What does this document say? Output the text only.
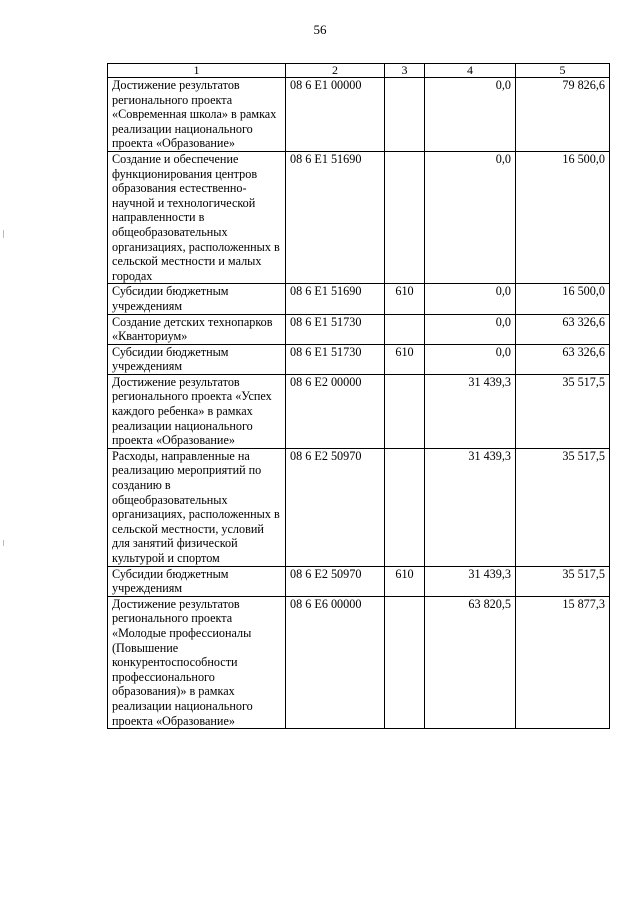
56
1	2	3	4	5
Достижение результатов регионального проекта «Современная школа» в рамках реализации национального проекта «Образование»	08 6 E1 00000		0,0	79 826,6
Создание и обеспечение функционирования центров образования естественно-научной и технологической направленности в общеобразовательных организациях, расположенных в сельской местности и малых городах	08 6 E1 51690		0,0	16 500,0
Субсидии бюджетным учреждениям	08 6 E1 51690	610	0,0	16 500,0
Создание детских технопарков «Кванториум»	08 6 E1 51730		0,0	63 326,6
Субсидии бюджетным учреждениям	08 6 E1 51730	610	0,0	63 326,6
Достижение результатов регионального проекта «Успех каждого ребенка» в рамках реализации национального проекта «Образование»	08 6 E2 00000		31 439,3	35 517,5
Расходы, направленные на реализацию мероприятий по созданию в общеобразовательных организациях, расположенных в сельской местности, условий для занятий физической культурой и спортом	08 6 E2 50970		31 439,3	35 517,5
Субсидии бюджетным учреждениям	08 6 E2 50970	610	31 439,3	35 517,5
Достижение результатов регионального проекта «Молодые профессионалы (Повышение конкурентоспособности профессионального образования)» в рамках реализации национального проекта «Образование»	08 6 E6 00000		63 820,5	15 877,3
